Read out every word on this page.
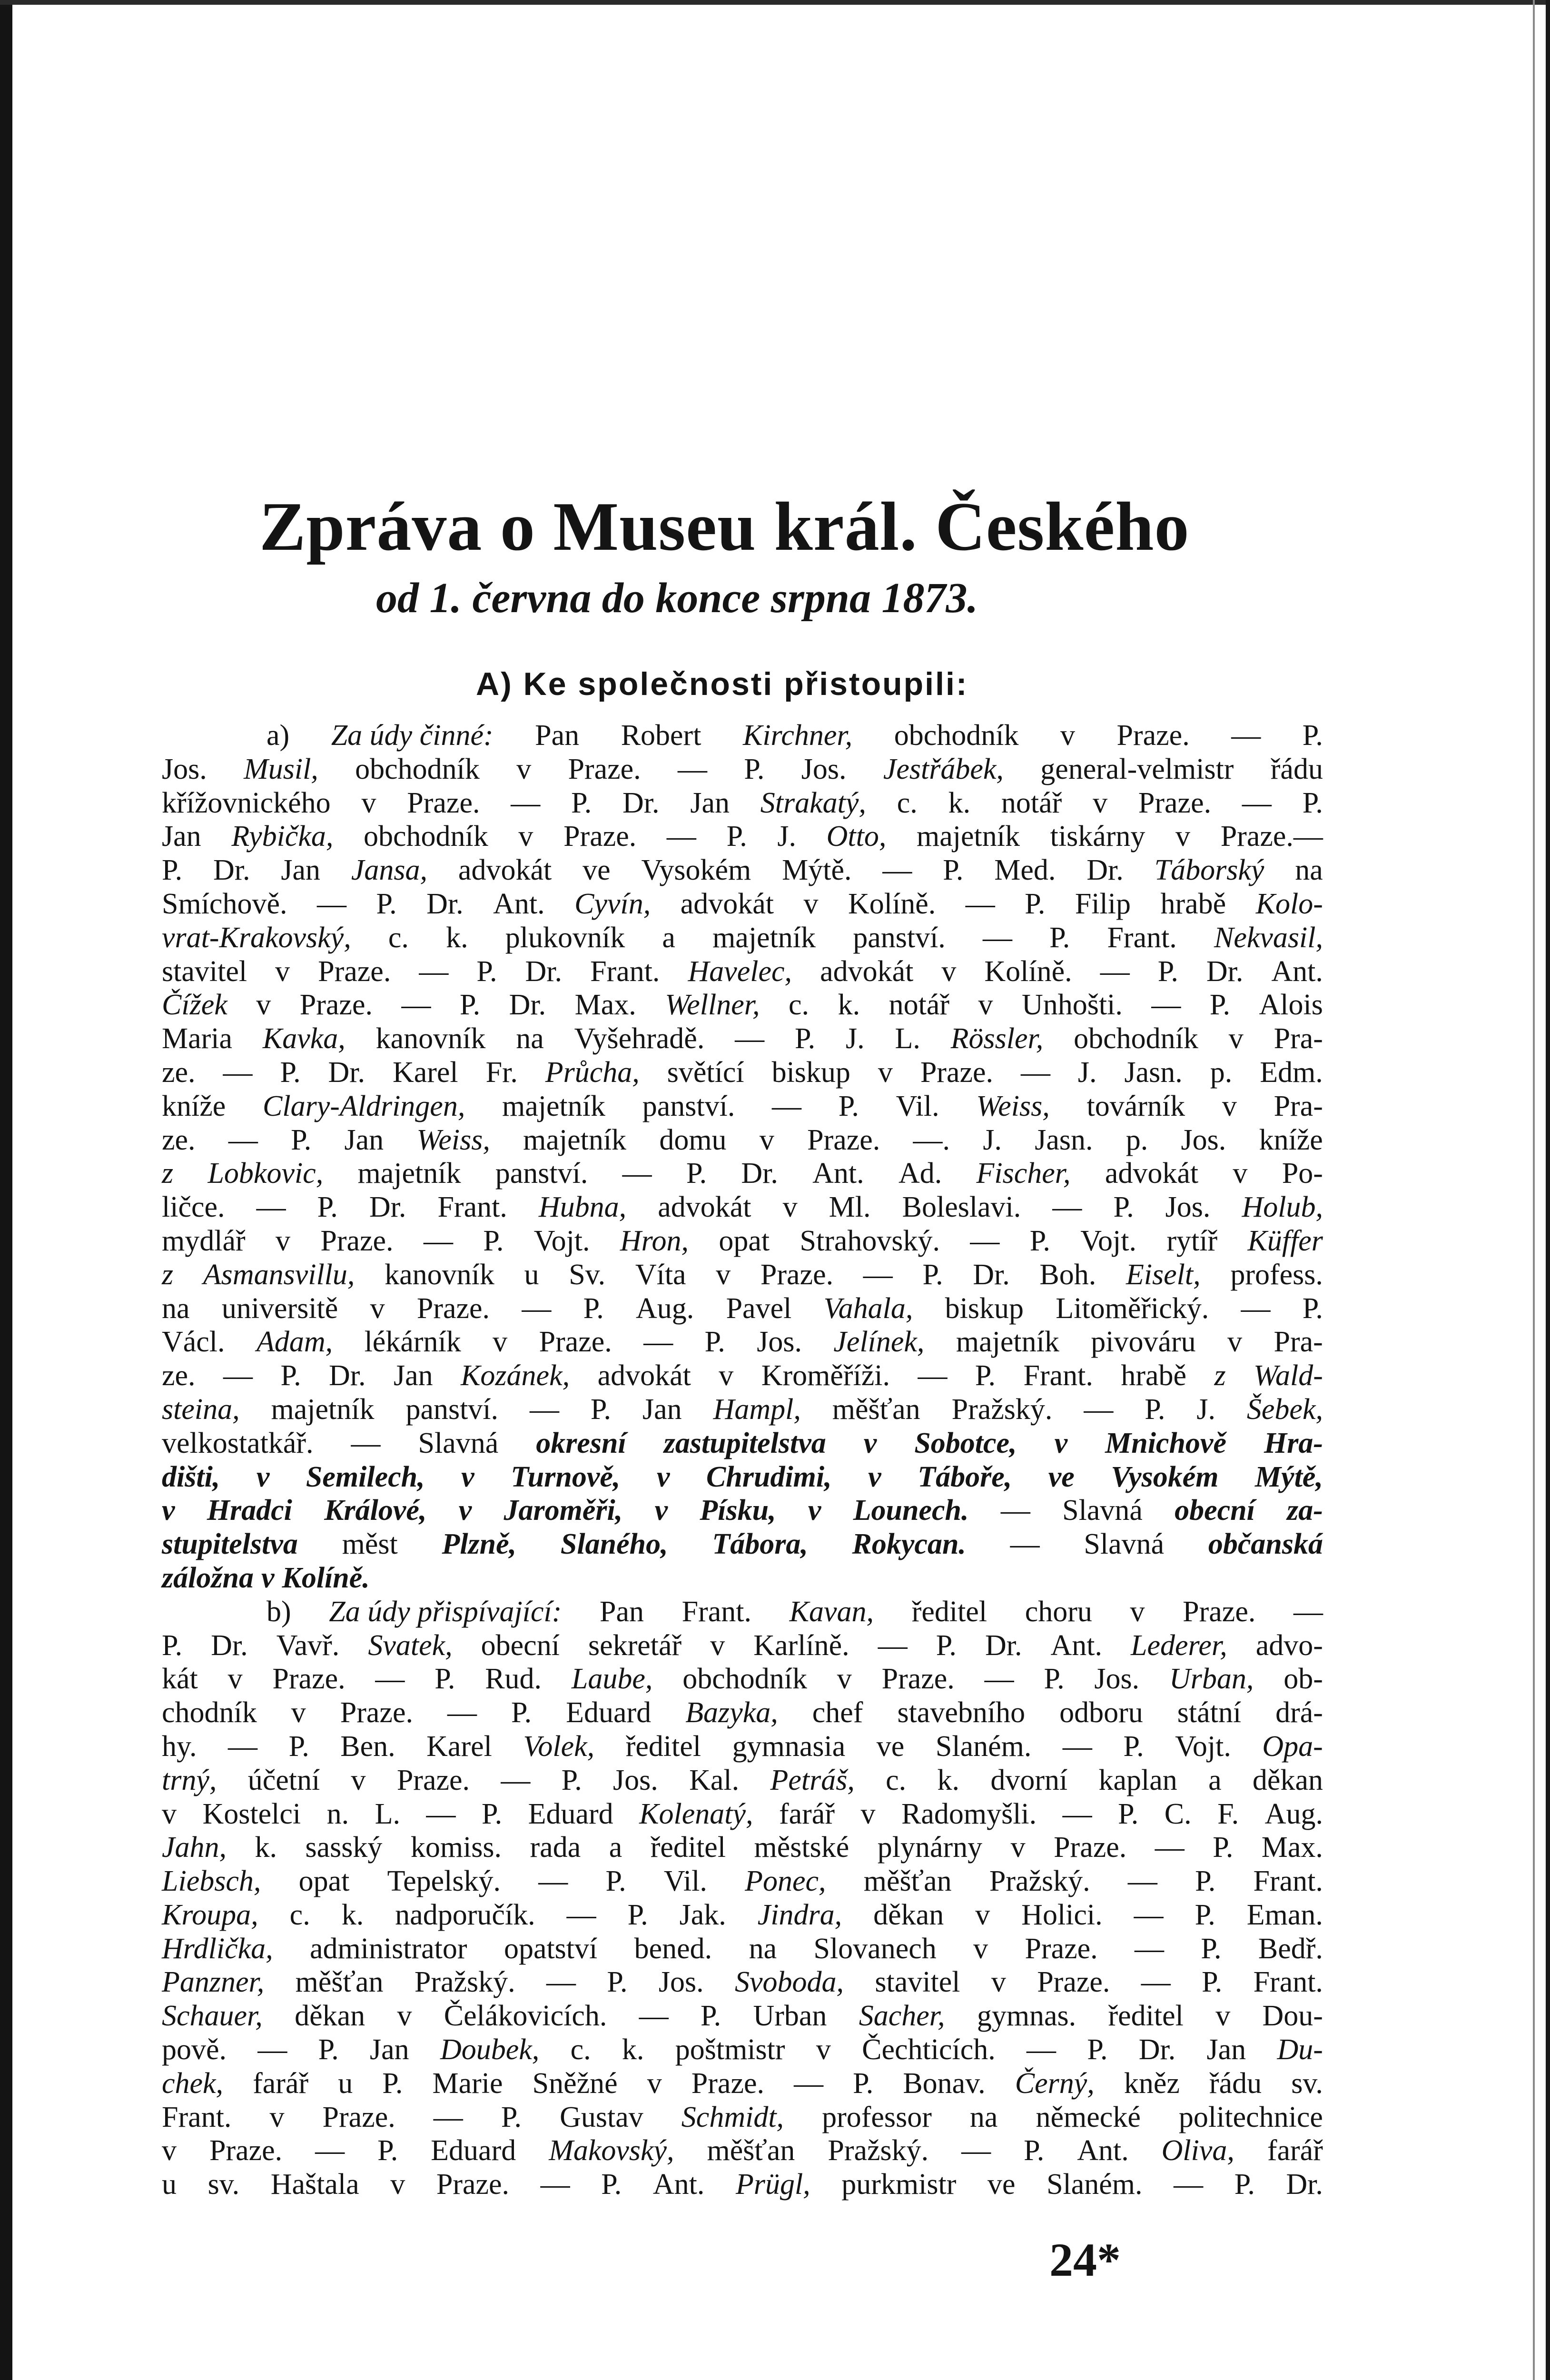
Zpráva o Museu král. Českého
od 1. června do konce srpna 1873.
A) Ke společnosti přistoupili:
a) Za údy činné: Pan Robert Kirchner, obchodník v Praze. — P.
Jos. Musil, obchodník v Praze. — P. Jos. Jestřábek, general-velmistr řádu
křížovnického v Praze. — P. Dr. Jan Strakatý, c. k. notář v Praze. — P.
Jan Rybička, obchodník v Praze. — P. J. Otto, majetník tiskárny v Praze.—
P. Dr. Jan Jansa, advokát ve Vysokém Mýtě. — P. Med. Dr. Táborský na
Smíchově. — P. Dr. Ant. Cyvín, advokát v Kolíně. — P. Filip hrabě Kolo-
vrat-Krakovský, c. k. plukovník a majetník panství. — P. Frant. Nekvasil,
stavitel v Praze. — P. Dr. Frant. Havelec, advokát v Kolíně. — P. Dr. Ant.
Čížek v Praze. — P. Dr. Max. Wellner, c. k. notář v Unhošti. — P. Alois
Maria Kavka, kanovník na Vyšehradě. — P. J. L. Rössler, obchodník v Pra-
ze. — P. Dr. Karel Fr. Průcha, světící biskup v Praze. — J. Jasn. p. Edm.
kníže Clary-Aldringen, majetník panství. — P. Vil. Weiss, továrník v Pra-
ze. — P. Jan Weiss, majetník domu v Praze. —. J. Jasn. p. Jos. kníže
z Lobkovic, majetník panství. — P. Dr. Ant. Ad. Fischer, advokát v Po-
ličce. — P. Dr. Frant. Hubna, advokát v Ml. Boleslavi. — P. Jos. Holub,
mydlář v Praze. — P. Vojt. Hron, opat Strahovský. — P. Vojt. rytíř Küffer
z Asmansvillu, kanovník u Sv. Víta v Praze. — P. Dr. Boh. Eiselt, profess.
na universitě v Praze. — P. Aug. Pavel Vahala, biskup Litoměřický. — P.
Václ. Adam, lékárník v Praze. — P. Jos. Jelínek, majetník pivováru v Pra-
ze. — P. Dr. Jan Kozánek, advokát v Kroměříži. — P. Frant. hrabě z Wald-
steina, majetník panství. — P. Jan Hampl, měšťan Pražský. — P. J. Šebek,
velkostatkář. — Slavná okresní zastupitelstva v Sobotce, v Mnichově Hra-
dišti, v Semilech, v Turnově, v Chrudimi, v Táboře, ve Vysokém Mýtě,
v Hradci Králové, v Jaroměři, v Písku, v Lounech. — Slavná obecní za-
stupitelstva měst Plzně, Slaného, Tábora, Rokycan. — Slavná občanská
záložna v Kolíně.
b) Za údy přispívající: Pan Frant. Kavan, ředitel choru v Praze. —
P. Dr. Vavř. Svatek, obecní sekretář v Karlíně. — P. Dr. Ant. Lederer, advo-
kát v Praze. — P. Rud. Laube, obchodník v Praze. — P. Jos. Urban, ob-
chodník v Praze. — P. Eduard Bazyka, chef stavebního odboru státní drá-
hy. — P. Ben. Karel Volek, ředitel gymnasia ve Slaném. — P. Vojt. Opa-
trný, účetní v Praze. — P. Jos. Kal. Petráš, c. k. dvorní kaplan a děkan
v Kostelci n. L. — P. Eduard Kolenatý, farář v Radomyšli. — P. C. F. Aug.
Jahn, k. sasský komiss. rada a ředitel městské plynárny v Praze. — P. Max.
Liebsch, opat Tepelský. — P. Vil. Ponec, měšťan Pražský. — P. Frant.
Kroupa, c. k. nadporučík. — P. Jak. Jindra, děkan v Holici. — P. Eman.
Hrdlička, administrator opatství bened. na Slovanech v Praze. — P. Bedř.
Panzner, měšťan Pražský. — P. Jos. Svoboda, stavitel v Praze. — P. Frant.
Schauer, děkan v Čelákovicích. — P. Urban Sacher, gymnas. ředitel v Dou-
pově. — P. Jan Doubek, c. k. poštmistr v Čechticích. — P. Dr. Jan Du-
chek, farář u P. Marie Sněžné v Praze. — P. Bonav. Černý, kněz řádu sv.
Frant. v Praze. — P. Gustav Schmidt, professor na německé politechnice
v Praze. — P. Eduard Makovský, měšťan Pražský. — P. Ant. Oliva, farář
u sv. Haštala v Praze. — P. Ant. Prügl, purkmistr ve Slaném. — P. Dr.
24*
